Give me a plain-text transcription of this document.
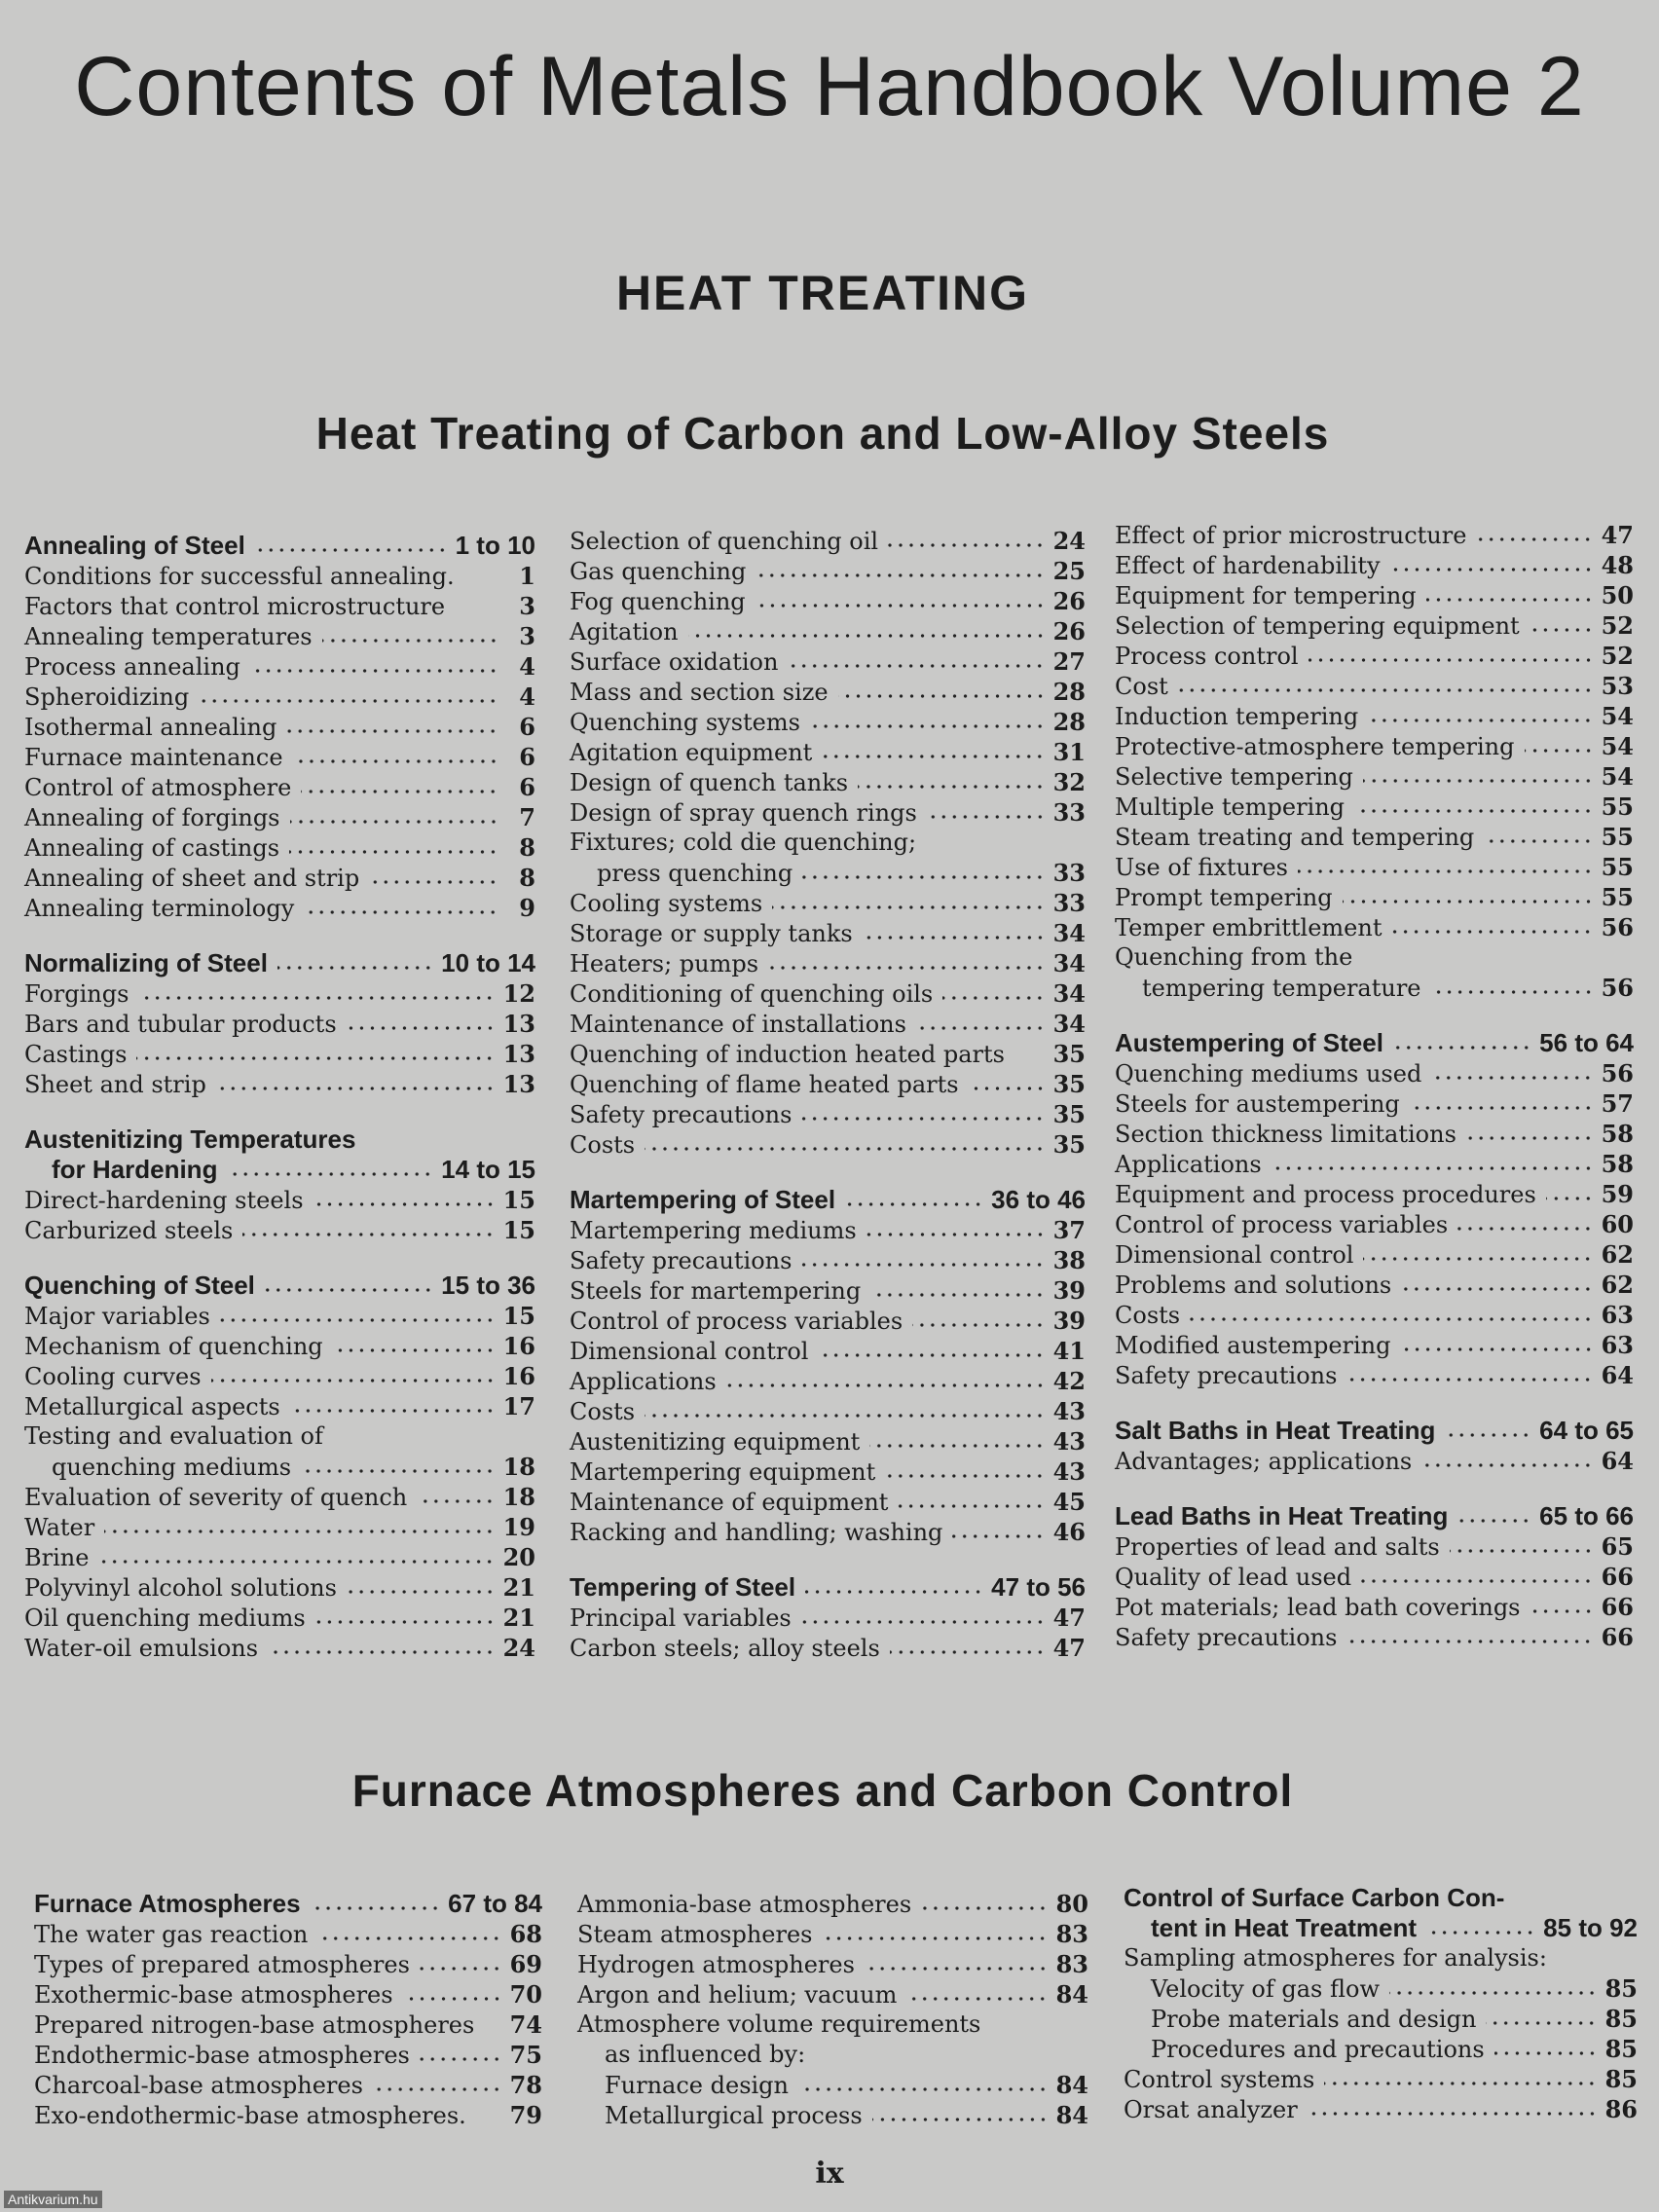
Contents of Metals Handbook Volume 2
HEAT TREATING
Heat Treating of Carbon and Low-Alloy Steels
Annealing of Steel	1 to 10
Conditions for successful annealing.	1
Factors that control microstructure	3
Annealing temperatures	3
Process annealing	4
Spheroidizing	4
Isothermal annealing	6
Furnace maintenance	6
Control of atmosphere	6
Annealing of forgings	7
Annealing of castings	8
Annealing of sheet and strip	8
Annealing terminology	9
Normalizing of Steel	10 to 14
Forgings	12
Bars and tubular products	13
Castings	13
Sheet and strip	13
Austenitizing Temperatures
for Hardening	14 to 15
Direct-hardening steels	15
Carburized steels	15
Quenching of Steel	15 to 36
Major variables	15
Mechanism of quenching	16
Cooling curves	16
Metallurgical aspects	17
Testing and evaluation of
quenching mediums	18
Evaluation of severity of quench	18
Water	19
Brine	20
Polyvinyl alcohol solutions	21
Oil quenching mediums	21
Water-oil emulsions	24
Selection of quenching oil	24
Gas quenching	25
Fog quenching	26
Agitation	26
Surface oxidation	27
Mass and section size	28
Quenching systems	28
Agitation equipment	31
Design of quench tanks	32
Design of spray quench rings	33
Fixtures; cold die quenching;
press quenching	33
Cooling systems	33
Storage or supply tanks	34
Heaters; pumps	34
Conditioning of quenching oils	34
Maintenance of installations	34
Quenching of induction heated parts 35
Quenching of flame heated parts	35
Safety precautions	35
Costs	35
Martempering of Steel	36 to 46
Martempering mediums	37
Safety precautions	38
Steels for martempering	39
Control of process variables	39
Dimensional control	41
Applications	42
Costs	43
Austenitizing equipment	43
Martempering equipment	43
Maintenance of equipment	45
Racking and handling; washing	46
Tempering of Steel	47 to 56
Principal variables	47
Carbon steels; alloy steels	47
Effect of prior microstructure	47
Effect of hardenability	48
Equipment for tempering	50
Selection of tempering equipment	52
Process control	52
Cost	53
Induction tempering	54
Protective-atmosphere tempering	54
Selective tempering	54
Multiple tempering	55
Steam treating and tempering	55
Use of fixtures	55
Prompt tempering	55
Temper embrittlement	56
Quenching from the
tempering temperature	56
Austempering of Steel	56 to 64
Quenching mediums used	56
Steels for austempering	57
Section thickness limitations	58
Applications	58
Equipment and process procedures	59
Control of process variables	60
Dimensional control	62
Problems and solutions	62
Costs	63
Modified austempering	63
Safety precautions	64
Salt Baths in Heat Treating	64 to 65
Advantages; applications	64
Lead Baths in Heat Treating	65 to 66
Properties of lead and salts	65
Quality of lead used	66
Pot materials; lead bath coverings	66
Safety precautions	66
Furnace Atmospheres and Carbon Control
Furnace Atmospheres	67 to 84
The water gas reaction	68
Types of prepared atmospheres	69
Exothermic-base atmospheres	70
Prepared nitrogen-base atmospheres 74
Endothermic-base atmospheres	75
Charcoal-base atmospheres	78
Exo-endothermic-base atmospheres. 79
Ammonia-base atmospheres	80
Steam atmospheres	83
Hydrogen atmospheres	83
Argon and helium; vacuum	84
Atmosphere volume requirements
as influenced by:
Furnace design	84
Metallurgical process	84
Control of Surface Carbon Con-
tent in Heat Treatment	85 to 92
Sampling atmospheres for analysis:
Velocity of gas flow	85
Probe materials and design	85
Procedures and precautions	85
Control systems	85
Orsat analyzer	86
ix
Antikvarium.hu
